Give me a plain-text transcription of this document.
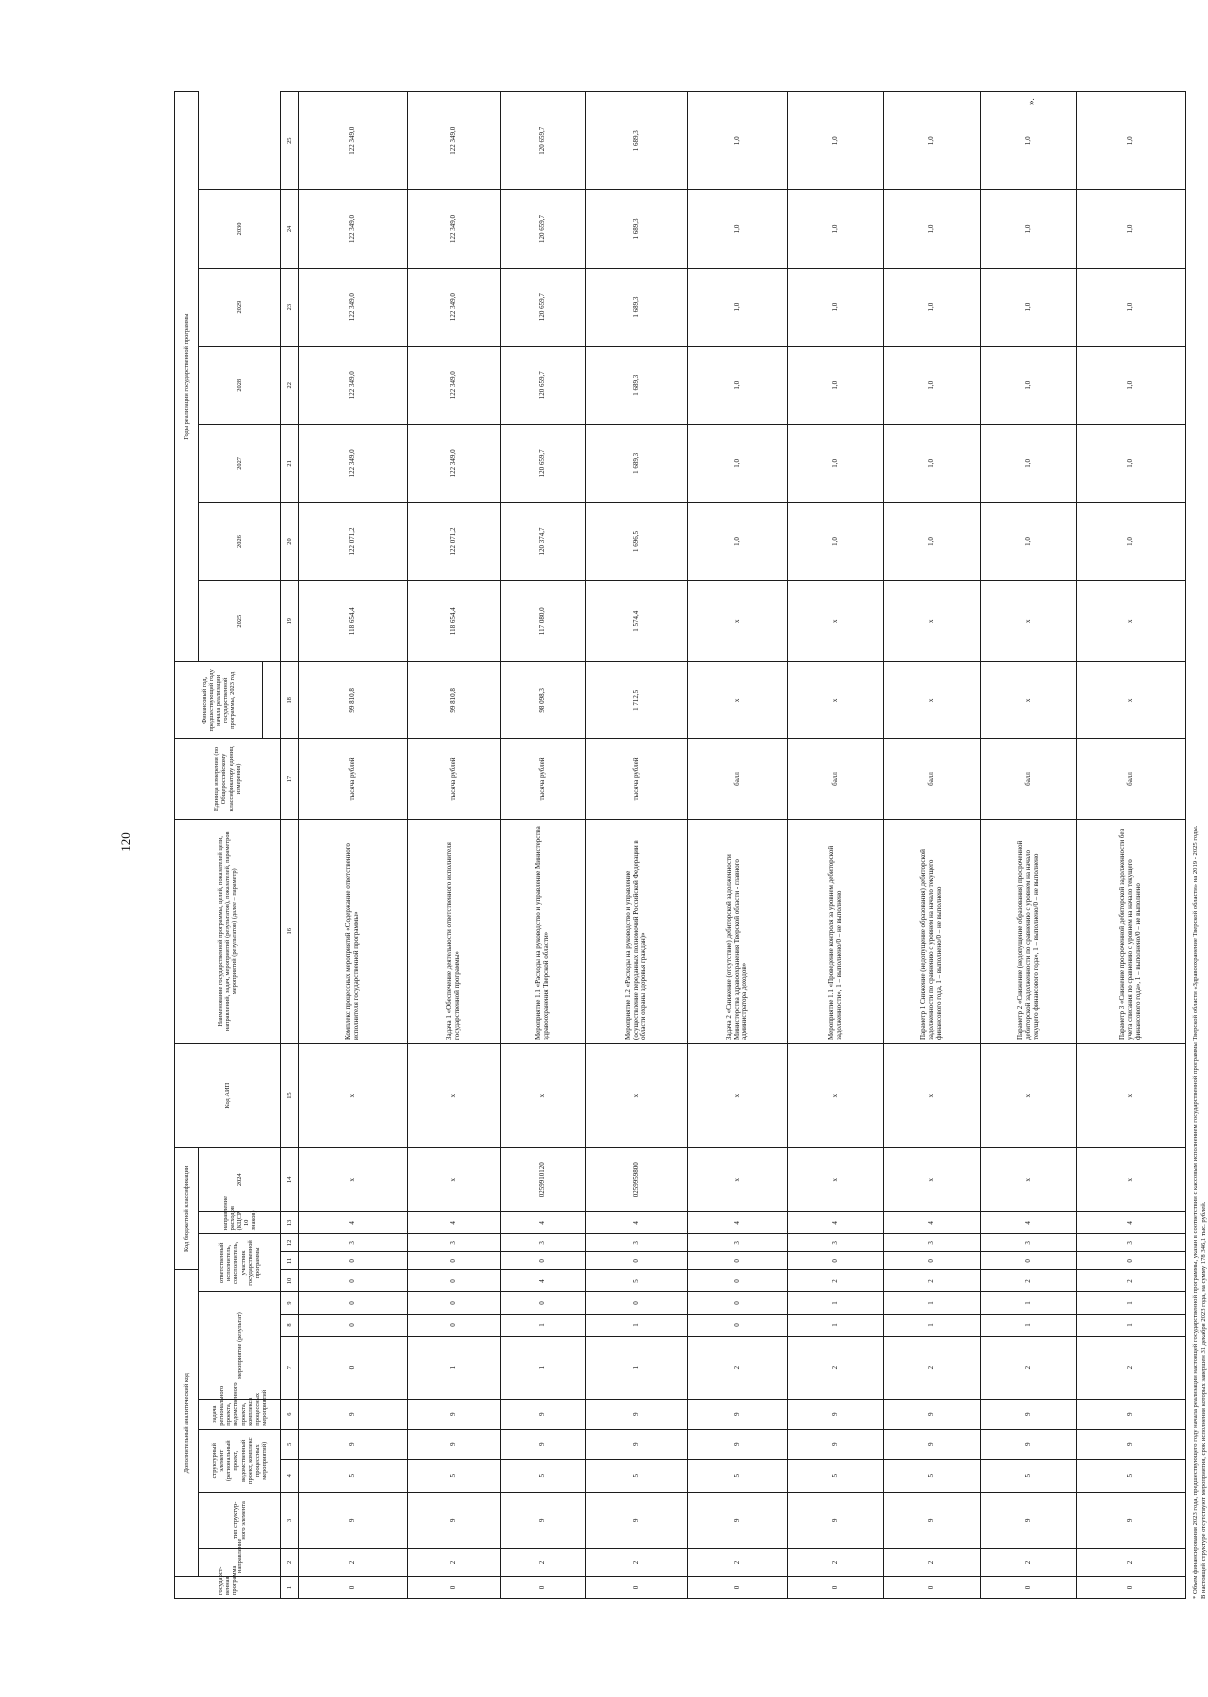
120
государст-венная программа	Дополнительный аналитический код									Код бюджетной классификации				Код АИП	Наименование государственной программы, целей, показателей цели, направлений, задач, мероприятий (результатов), показателей, параметров мероприятий (результатов) (далее – параметр)	Единица измерения (по Общероссийскому классификатору единиц измерения)	Финансовый год, предшествующий году начала реализации государственной программы, 2023 год	Годы реализации государственной программы						
	направление	тип структур-ного элемента	структурный элемент (региональный проект, ведомственный проект, комплекс процессных мероприятий)		задача регионального проекта, ведомственного проекта, комплекса процессных мероприятий	мероприятие (результат)			ответственный исполнитель, соисполнитель, участник государственной программы			направление расходов (КЦСР 10 знаков)	2024					2025	2026	2027	2028	2029	2030	

1	2	3	4	5	6	7	8	9	10	11	12	13	14	15	16	17	18	19	20	21	22	23	24	25
0	2	9	5	9	9	0	0	0	0	0	3	4	х	х	Комплекс процессных мероприятий «Содержание ответственного исполнителя государственной программы»	тысяча рублей	99 810,8	118 654,4	122 071,2	122 349,0	122 349,0	122 349,0	122 349,0	122 349,0
0	2	9	5	9	9	1	0	0	0	0	3	4	х	х	Задача 1 «Обеспечение деятельности ответственного исполнителя государственной программы»	тысяча рублей	99 810,8	118 654,4	122 071,2	122 349,0	122 349,0	122 349,0	122 349,0	122 349,0
0	2	9	5	9	9	1	1	0	4	0	3	4	0259910120	х	Мероприятие 1.1 «Расходы на руководство и управление Министерства здравоохранения Тверской области»	тысяча рублей	98 098,3	117 080,0	120 374,7	120 659,7	120 659,7	120 659,7	120 659,7	120 659,7
0	2	9	5	9	9	1	1	0	5	0	3	4	0259959800	х	Мероприятие 1.2 «Расходы на руководство и управление (осуществление переданных полномочий Российской Федерации в области охраны здоровья граждан)»	тысяча рублей	1 712,5	1 574,4	1 696,5	1 689,3	1 689,3	1 689,3	1 689,3	1 689,3
0	2	9	5	9	9	2	0	0	0	0	3	4	х	х	Задача 2 «Снижение (отсутствие) дебиторской задолженности Министерства здравоохранения Тверской области - главного администратора доходов»	балл	х	х	1,0	1,0	1,0	1,0	1,0	1,0
0	2	9	5	9	9	2	1	1	2	0	3	4	х	х	Мероприятие 1.1 «Проведение контроля за уровнем дебиторской задолженности», 1 – выполнено/0 – не выполнено	балл	х	х	1,0	1,0	1,0	1,0	1,0	1,0
0	2	9	5	9	9	2	1	1	2	0	3	4	х	х	Параметр 1 Снижение (недопущение образования) дебиторской задолженности по сравнению с уровнем на начало текущего финансового года, 1 – выполнено/0 – не выполнено	балл	х	х	1,0	1,0	1,0	1,0	1,0	1,0
0	2	9	5	9	9	2	1	1	2	0	3	4	х	х	Параметр 2 «Снижение (недопущение образования) просроченной дебиторской задолженности по сравнению с уровнем на начало текущего финансового года», 1 – выполнено/0 – не выполнено	балл	х	х	1,0	1,0	1,0	1,0	1,0	1,0
0	2	9	5	9	9	2	1	1	2	0	3	4	х	х	Параметр 3 «Снижение просроченной дебиторской задолженности без учета списания по сравнению с уровнем на начало текущего финансового года», 1 – выполнено/0 – не выполнено	балл	х	х	1,0	1,0	1,0	1,0	1,0	1,0
* Объем финансирования 2023 года, предшествующего году начала реализации настоящей государственной программы, указан в соответствии с кассовым исполнением государственной программы Тверской области «Здравоохранение Тверской области» на 2019 - 2025 годы. В настоящей структуре отсутствуют мероприятия, срок исполнения которых завершен 31 декабря 2023 года, на сумму 178 346,1 тыс. рублей.
».
